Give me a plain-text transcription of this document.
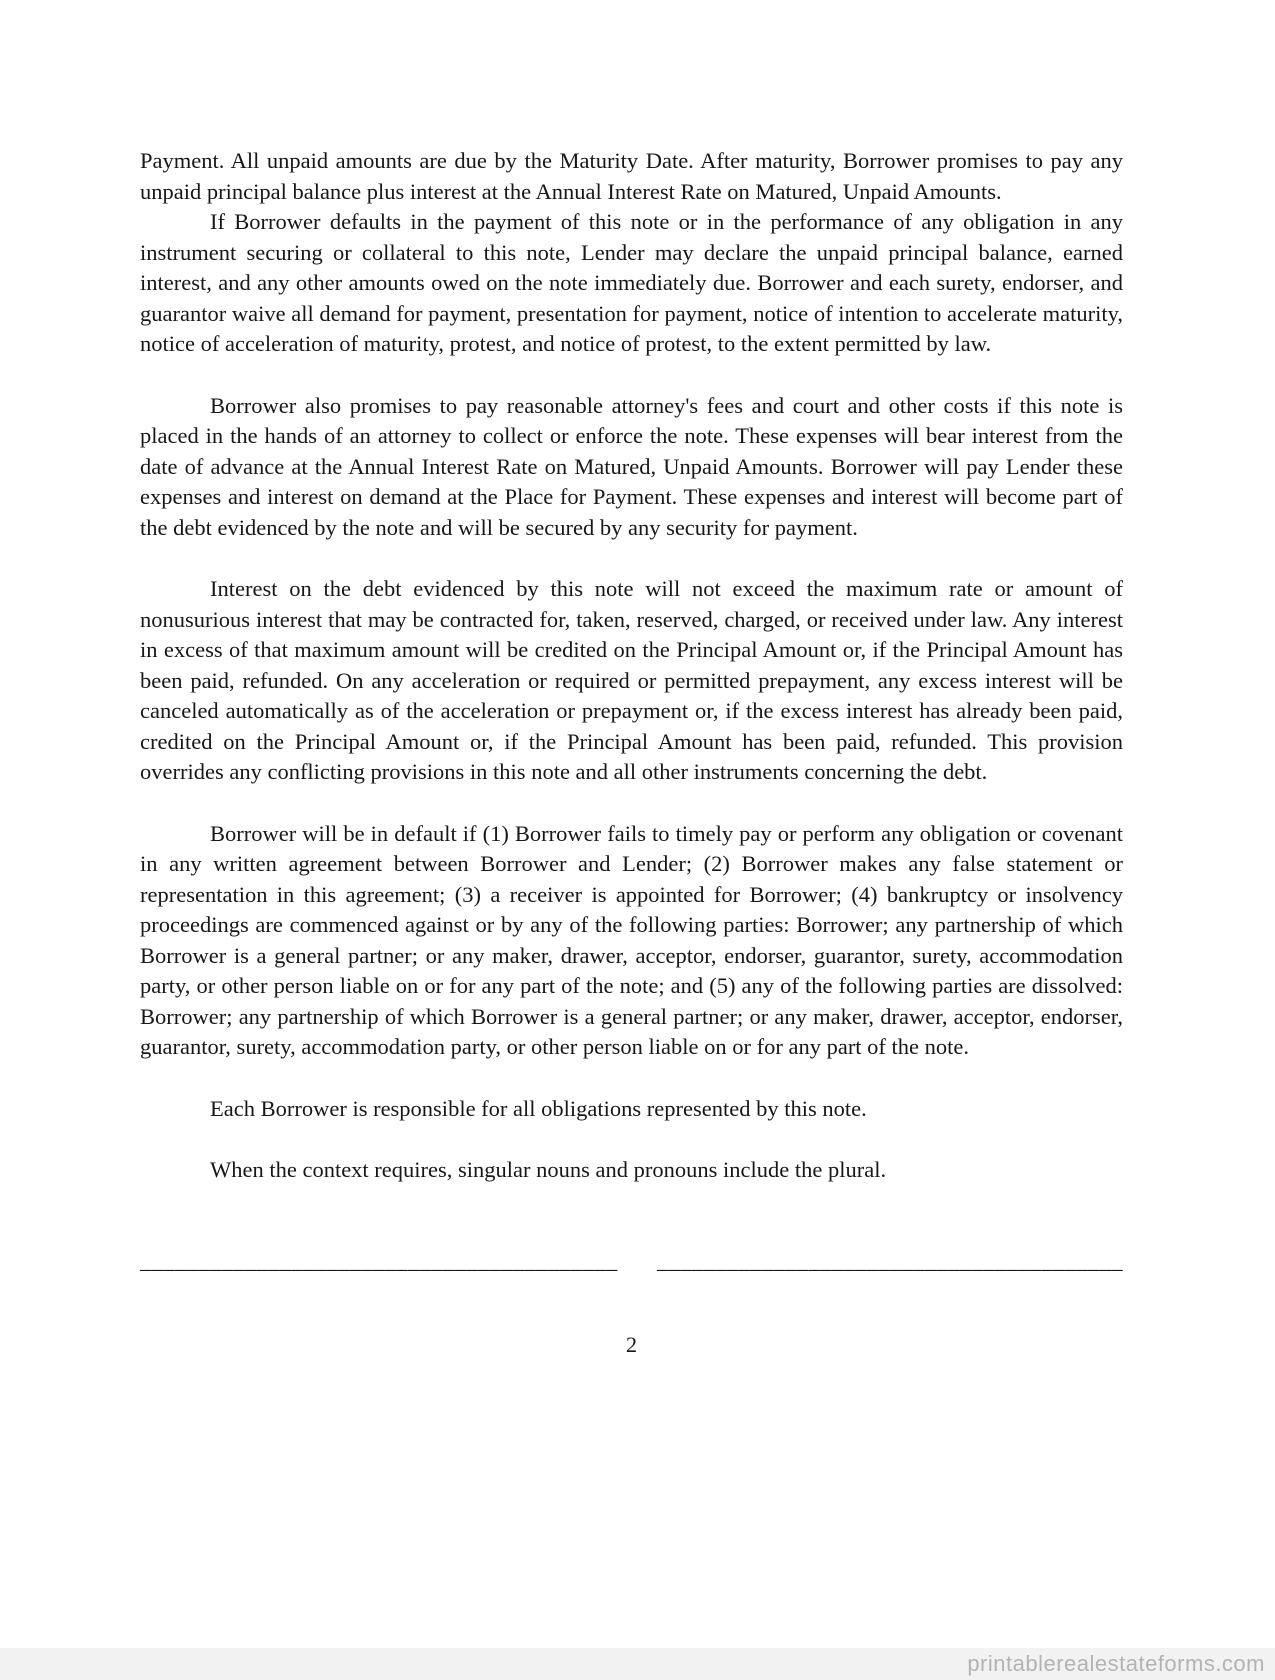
Payment. All unpaid amounts are due by the Maturity Date. After maturity, Borrower promises to pay any unpaid principal balance plus interest at the Annual Interest Rate on Matured, Unpaid Amounts.

If Borrower defaults in the payment of this note or in the performance of any obligation in any instrument securing or collateral to this note, Lender may declare the unpaid principal balance, earned interest, and any other amounts owed on the note immediately due. Borrower and each surety, endorser, and guarantor waive all demand for payment, presentation for payment, notice of intention to accelerate maturity, notice of acceleration of maturity, protest, and notice of protest, to the extent permitted by law.

Borrower also promises to pay reasonable attorney's fees and court and other costs if this note is placed in the hands of an attorney to collect or enforce the note. These expenses will bear interest from the date of advance at the Annual Interest Rate on Matured, Unpaid Amounts. Borrower will pay Lender these expenses and interest on demand at the Place for Payment. These expenses and interest will become part of the debt evidenced by the note and will be secured by any security for payment.

Interest on the debt evidenced by this note will not exceed the maximum rate or amount of nonusurious interest that may be contracted for, taken, reserved, charged, or received under law. Any interest in excess of that maximum amount will be credited on the Principal Amount or, if the Principal Amount has been paid, refunded. On any acceleration or required or permitted prepayment, any excess interest will be canceled automatically as of the acceleration or prepayment or, if the excess interest has already been paid, credited on the Principal Amount or, if the Principal Amount has been paid, refunded. This provision overrides any conflicting provisions in this note and all other instruments concerning the debt.

Borrower will be in default if (1) Borrower fails to timely pay or perform any obligation or covenant in any written agreement between Borrower and Lender; (2) Borrower makes any false statement or representation in this agreement; (3) a receiver is appointed for Borrower; (4) bankruptcy or insolvency proceedings are commenced against or by any of the following parties: Borrower; any partnership of which Borrower is a general partner; or any maker, drawer, acceptor, endorser, guarantor, surety, accommodation party, or other person liable on or for any part of the note; and (5) any of the following parties are dissolved: Borrower; any partnership of which Borrower is a general partner; or any maker, drawer, acceptor, endorser, guarantor, surety, accommodation party, or other person liable on or for any part of the note.

Each Borrower is responsible for all obligations represented by this note.

When the context requires, singular nouns and pronouns include the plural.

_________________________________________ ________________________________________
2
printablerealestateforms.com
